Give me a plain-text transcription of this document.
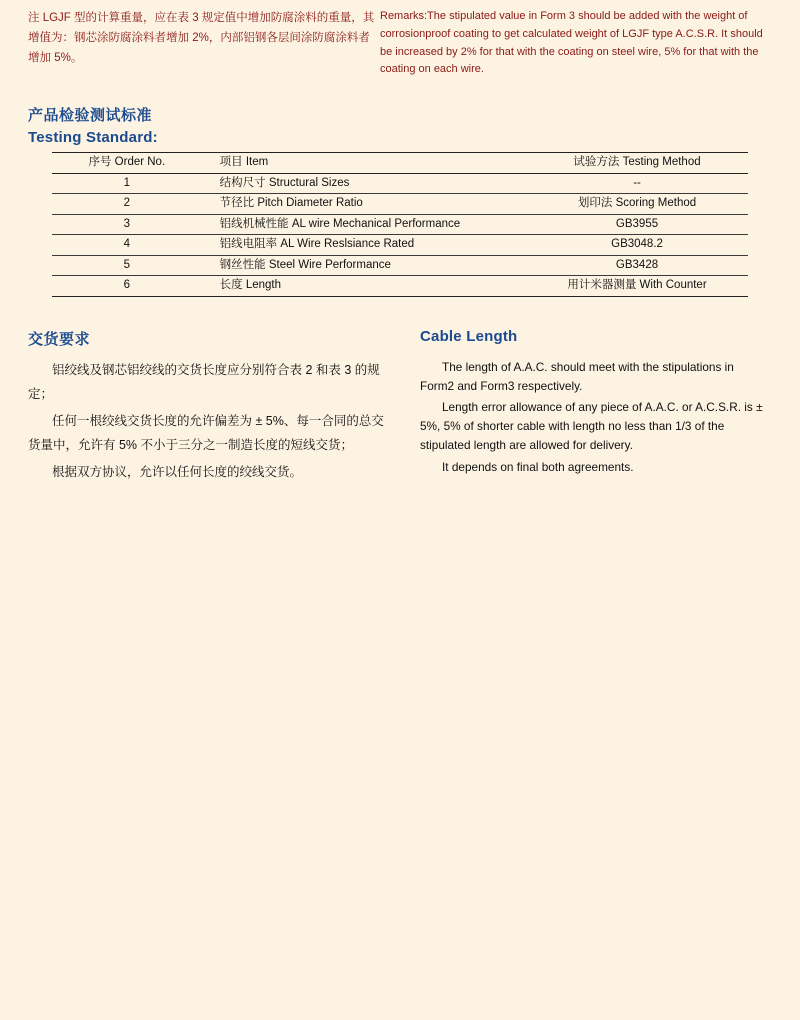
注 LGJF 型的计算重量，应在表 3 规定值中增加防腐涂料的重量，其增值为：钢芯涂防腐涂料者增加 2%，内部铝钢各层间涂防腐涂料者增加 5%。
Remarks:The stipulated value in Form 3 should be added with the weight of corrosionproof coating to get calculated weight of LGJF type A.C.S.R. It should be increased by 2% for that with the coating on steel wire, 5% for that with the coating on each wire.
产品检验测试标准
Testing Standard:
序号 Order No.	项目 Item	试验方法 Testing Method
1	结构尺寸 Structural Sizes	--
2	节径比 Pitch Diameter Ratio	划印法 Scoring Method
3	铝线机械性能 AL wire Mechanical Performance	GB3955
4	铝线电阻率 AL Wire Reslsiance Rated	GB3048.2
5	钢丝性能 Steel Wire Performance	GB3428
6	长度 Length	用计米器测量 With Counter
交货要求	Cable Length

铝绞线及钢芯铝绞线的交货长度应分别符合表 2 和表 3 的规定；

任何一根绞线交货长度的允许偏差为 ± 5%、每一合同的总交货量中，允许有 5% 不小于三分之一制造长度的短线交货；

根据双方协议，允许以任何长度的绞线交货。

The length of A.A.C. should meet with the stipulations in Form2 and Form3 respectively.

Length error allowance of any piece of A.A.C. or A.C.S.R. is ± 5%, 5% of shorter cable with length no less than 1/3 of the stipulated length are allowed for delivery.

It depends on final both agreements.
